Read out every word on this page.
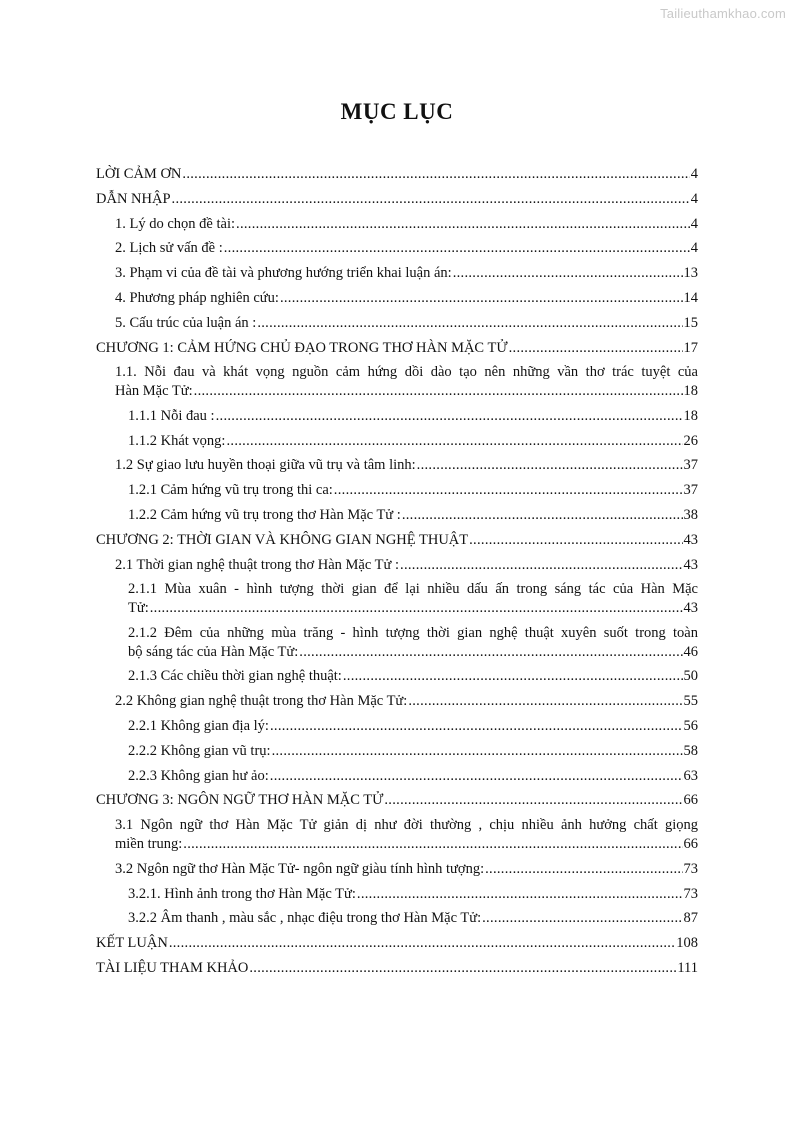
Tailieuthamkhao.com
MỤC LỤC
LỜI CẢM ƠN .....	4
DẪN NHẬP .....	4
1. Lý do chọn đề tài: .....	4
2. Lịch sử vấn đề : .....	4
3. Phạm vi của đề tài và phương hướng triển khai luận án: .....	13
4. Phương pháp nghiên cứu: .....	14
5. Cấu trúc của luận án : .....	15
CHƯƠNG 1: CẢM HỨNG CHỦ ĐẠO TRONG THƠ HÀN MẶC TỬ .....	17
1.1. Nỗi đau và khát vọng nguồn cảm hứng dồi dào tạo nên những vần thơ trác tuyệt của
Hàn Mặc Tử: .....	18
1.1.1 Nỗi đau : .....	18
1.1.2 Khát vọng: .....	26
1.2 Sự giao lưu huyền thoại giữa vũ trụ và tâm linh: .....	37
1.2.1 Cảm hứng vũ trụ trong thi ca: .....	37
1.2.2 Cảm hứng vũ trụ trong thơ Hàn Mặc Tử : .....	38
CHƯƠNG 2: THỜI GIAN VÀ KHÔNG GIAN NGHỆ THUẬT .....	43
2.1 Thời gian nghệ thuật trong thơ Hàn Mặc Tử : .....	43
2.1.1 Mùa xuân - hình tượng thời gian để lại nhiều dấu ấn trong sáng tác của Hàn Mặc
Tử: .....	43
2.1.2 Đêm của những mùa trăng - hình tượng thời gian nghệ thuật xuyên suốt trong toàn
bộ sáng tác của Hàn Mặc Tử: .....	46
2.1.3 Các chiều thời gian nghệ thuật: .....	50
2.2 Không gian nghệ thuật trong thơ Hàn Mặc Tử: .....	55
2.2.1 Không gian địa lý: .....	56
2.2.2 Không gian vũ trụ: .....	58
2.2.3 Không gian hư ảo: .....	63
CHƯƠNG 3: NGÔN NGỮ THƠ HÀN MẶC TỬ .....	66
3.1 Ngôn ngữ thơ Hàn Mặc Tử giản dị như đời thường , chịu nhiều ảnh hưởng chất giọng
miền trung: .....	66
3.2 Ngôn ngữ thơ Hàn Mặc Tử- ngôn ngữ giàu tính hình tượng: .....	73
3.2.1. Hình ảnh trong thơ Hàn Mặc Tử: .....	73
3.2.2 Âm thanh , màu sắc , nhạc điệu trong thơ Hàn Mặc Tử: .....	87
KẾT LUẬN .....	108
TÀI LIỆU THAM KHẢO .....	111
